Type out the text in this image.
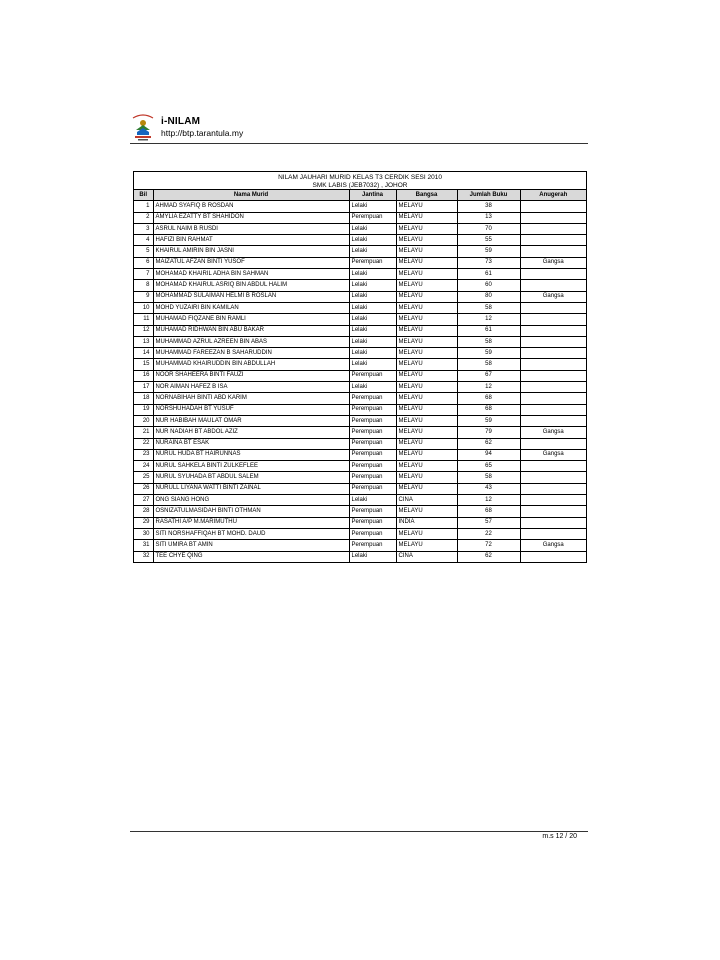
i-NILAM
http://btp.tarantula.my
NILAM JAUHARI MURID KELAS T3 CERDIK SESI 2010
SMK LABIS (JEB7032) , JOHOR
Bil	Nama Murid	Jantina	Bangsa	Jumlah Buku	Anugerah
1	AHMAD SYAFIQ B ROSDAN	Lelaki	MELAYU	38	
2	AMYLIA EZATTY BT SHAHIDON	Perempuan	MELAYU	13	
3	ASRUL NAIM B RUSDI	Lelaki	MELAYU	70	
4	HAFIZI BIN RAHMAT	Lelaki	MELAYU	55	
5	KHAIRUL AMIRIN BIN JASNI	Lelaki	MELAYU	59	
6	MAIZATUL AFZAN BINTI YUSOF	Perempuan	MELAYU	73	Gangsa
7	MOHAMAD KHAIRIL ADHA BIN SAHMAN	Lelaki	MELAYU	61	
8	MOHAMAD KHAIRUL ASRIQ BIN ABDUL HALIM	Lelaki	MELAYU	60	
9	MOHAMMAD SULAIMAN HELMI B ROSLAN	Lelaki	MELAYU	80	Gangsa
10	MOHD YUZAIRI BIN KAMILAN	Lelaki	MELAYU	58	
11	MUHAMAD FIQZANE BIN RAMLI	Lelaki	MELAYU	12	
12	MUHAMAD RIDHWAN BIN ABU BAKAR	Lelaki	MELAYU	61	
13	MUHAMMAD AZRUL AZREEN BIN ABAS	Lelaki	MELAYU	58	
14	MUHAMMAD FAREEZAN B SAHARUDDIN	Lelaki	MELAYU	59	
15	MUHAMMAD KHAIRUDDIN BIN ABDULLAH	Lelaki	MELAYU	58	
16	NOOR SHAHEERA BINTI FAUZI	Perempuan	MELAYU	67	
17	NOR AIMAN HAFEZ B ISA	Lelaki	MELAYU	12	
18	NORNABIHAH BINTI ABD KARIM	Perempuan	MELAYU	68	
19	NORSHUHADAH BT YUSUF	Perempuan	MELAYU	68	
20	NUR HABIBAH MAULAT OMAR	Perempuan	MELAYU	59	
21	NUR NADIAH BT ABDOL AZIZ	Perempuan	MELAYU	79	Gangsa
22	NURAINA BT ESAK	Perempuan	MELAYU	62	
23	NURUL HUDA BT HAIRUNNAS	Perempuan	MELAYU	94	Gangsa
24	NURUL SAHKELA BINTI ZULKEFLEE	Perempuan	MELAYU	65	
25	NURUL SYUHADA BT ABDUL SALEM	Perempuan	MELAYU	58	
26	NURULL LIYANA WATTI BINTI ZAINAL	Perempuan	MELAYU	43	
27	ONG SIANG HONG	Lelaki	CINA	12	
28	OSNIZATULMASIDAH BINTI OTHMAN	Perempuan	MELAYU	68	
29	RASATHI A/P M.MARIMUTHU	Perempuan	INDIA	57	
30	SITI NORSHAFFIQAH BT MOHD. DAUD	Perempuan	MELAYU	22	
31	SITI UMIRA BT AMIN	Perempuan	MELAYU	72	Gangsa
32	TEE CHYE QING	Lelaki	CINA	62	
m.s 12 / 20
